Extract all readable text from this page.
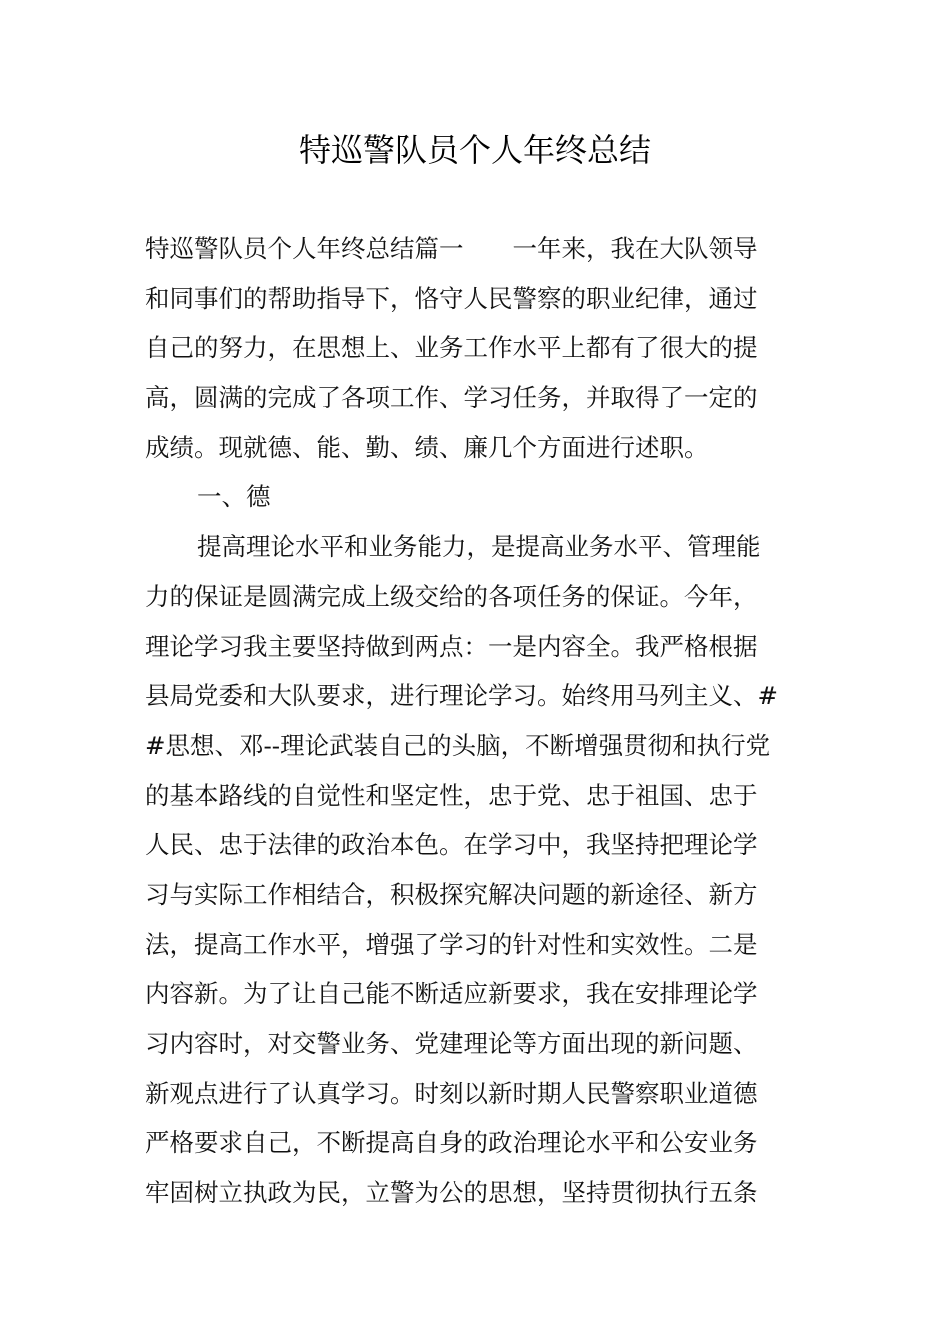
特巡警队员个人年终总结
特巡警队员个人年终总结篇一　　一年来，我在大队领导
和同事们的帮助指导下，恪守人民警察的职业纪律，通过
自己的努力，在思想上、业务工作水平上都有了很大的提
高，圆满的完成了各项工作、学习任务，并取得了一定的
成绩。现就德、能、勤、绩、廉几个方面进行述职。
一、德
提高理论水平和业务能力，是提高业务水平、管理能
力的保证是圆满完成上级交给的各项任务的保证。今年，
理论学习我主要坚持做到两点：一是内容全。我严格根据
县局党委和大队要求，进行理论学习。始终用马列主义、#
#思想、邓--理论武装自己的头脑，不断增强贯彻和执行党
的基本路线的自觉性和坚定性，忠于党、忠于祖国、忠于
人民、忠于法律的政治本色。在学习中，我坚持把理论学
习与实际工作相结合，积极探究解决问题的新途径、新方
法，提高工作水平，增强了学习的针对性和实效性。二是
内容新。为了让自己能不断适应新要求，我在安排理论学
习内容时，对交警业务、党建理论等方面出现的新问题、
新观点进行了认真学习。时刻以新时期人民警察职业道德
严格要求自己，不断提高自身的政治理论水平和公安业务
牢固树立执政为民，立警为公的思想，坚持贯彻执行五条
